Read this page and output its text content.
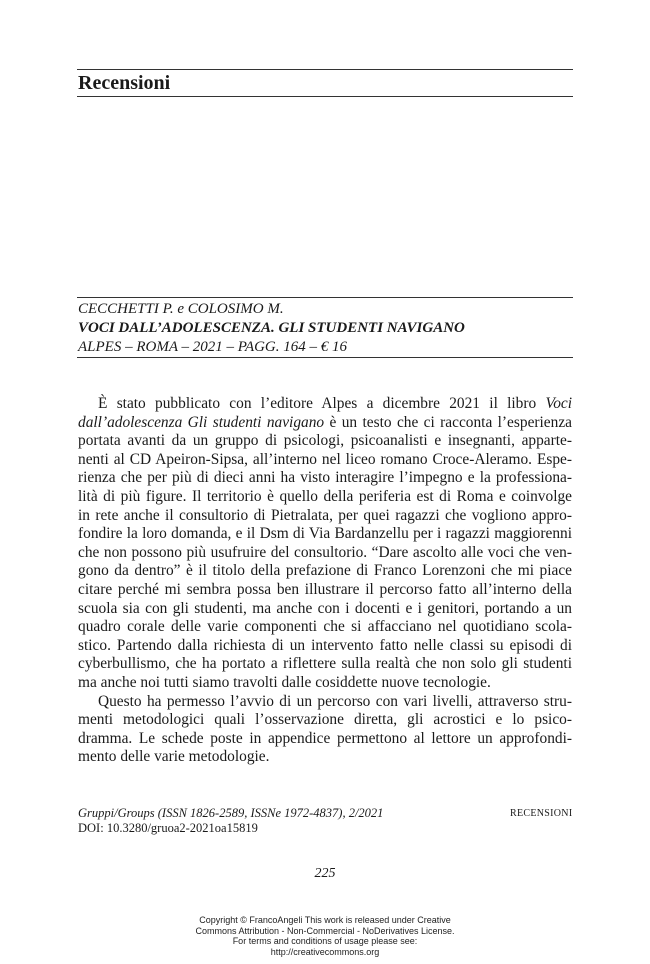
Recensioni
CECCHETTI P. e COLOSIMO M.
VOCI DALL’ADOLESCENZA. GLI STUDENTI NAVIGANO
ALPES – ROMA – 2021 – PAGG. 164 – € 16

È stato pubblicato con l’editore Alpes a dicembre 2021 il libro Voci
dall’adolescenza Gli studenti navigano è un testo che ci racconta l’esperienza
portata avanti da un gruppo di psicologi, psicoanalisti e insegnanti, apparte-
nenti al CD Apeiron-Sipsa, all’interno nel liceo romano Croce-Aleramo. Espe-
rienza che per più di dieci anni ha visto interagire l’impegno e la professiona-
lità di più figure. Il territorio è quello della periferia est di Roma e coinvolge
in rete anche il consultorio di Pietralata, per quei ragazzi che vogliono appro-
fondire la loro domanda, e il Dsm di Via Bardanzellu per i ragazzi maggiorenni
che non possono più usufruire del consultorio. “Dare ascolto alle voci che ven-
gono da dentro” è il titolo della prefazione di Franco Lorenzoni che mi piace
citare perché mi sembra possa ben illustrare il percorso fatto all’interno della
scuola sia con gli studenti, ma anche con i docenti e i genitori, portando a un
quadro corale delle varie componenti che si affacciano nel quotidiano scola-
stico. Partendo dalla richiesta di un intervento fatto nelle classi su episodi di
cyberbullismo, che ha portato a riflettere sulla realtà che non solo gli studenti
ma anche noi tutti siamo travolti dalle cosiddette nuove tecnologie.

Questo ha permesso l’avvio di un percorso con vari livelli, attraverso stru-
menti metodologici quali l’osservazione diretta, gli acrostici e lo psico-
dramma. Le schede poste in appendice permettono al lettore un approfondi-
mento delle varie metodologie.

Gruppi/Groups (ISSN 1826-2589, ISSNe 1972-4837), 2/2021
DOI: 10.3280/gruoa2-2021oa15819
RECENSIONI
225
Copyright © FrancoAngeli This work is released under Creative
Commons Attribution - Non-Commercial - NoDerivatives License.
For terms and conditions of usage please see:
http://creativecommons.org
